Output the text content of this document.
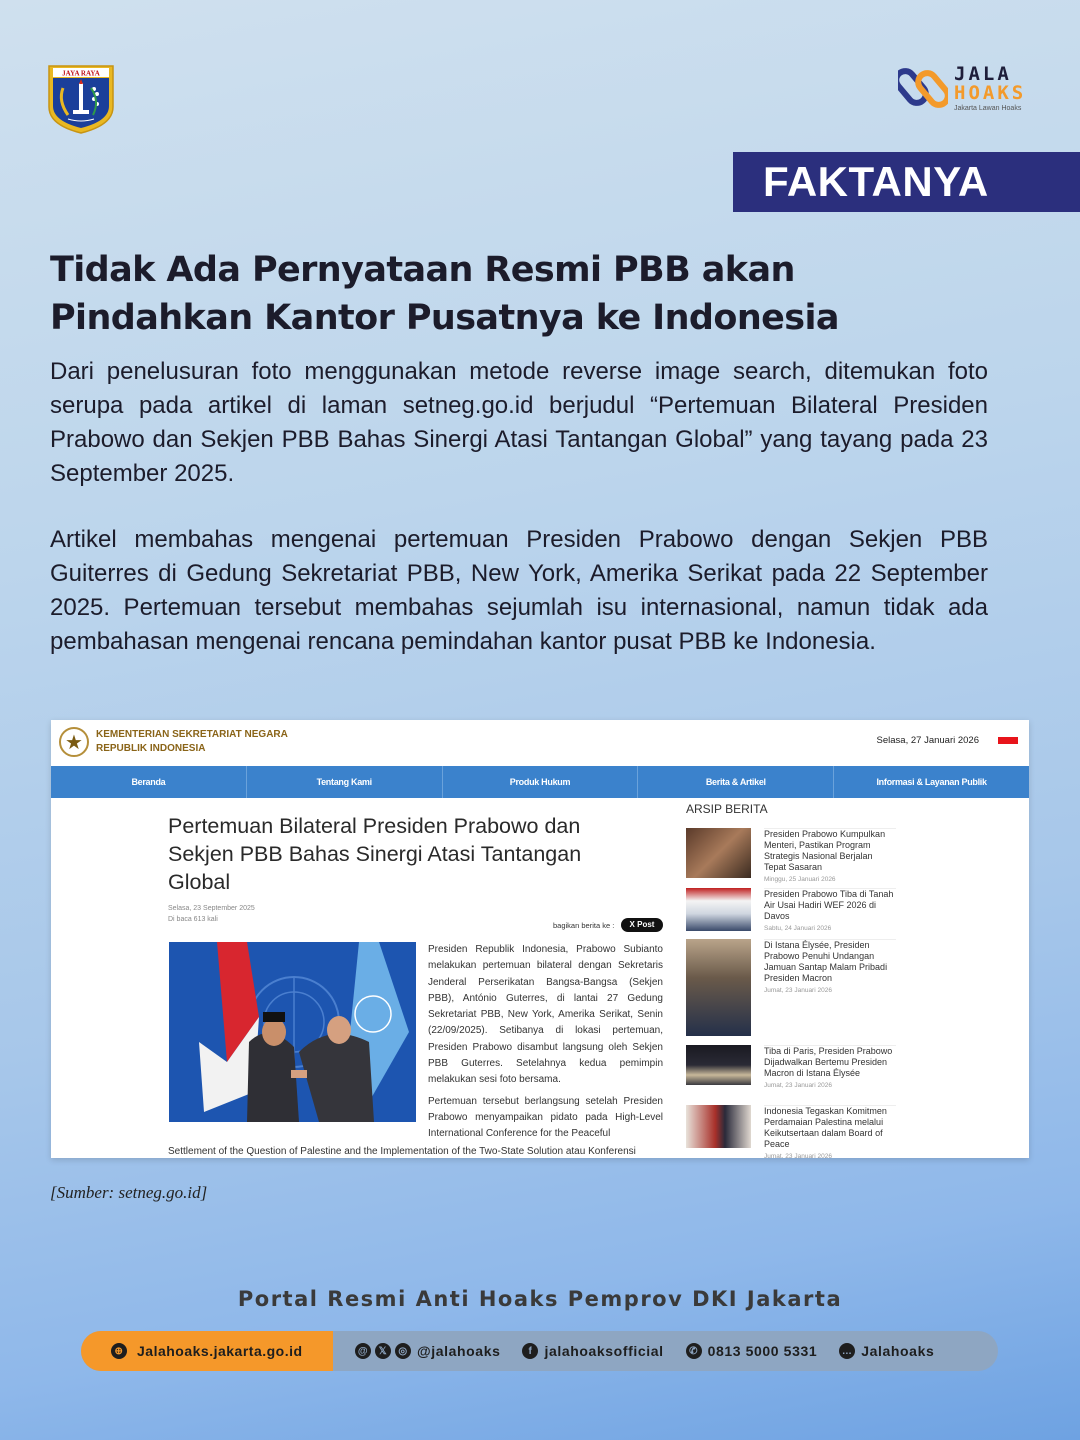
JAYA RAYA	JALA
HOAKS
Jakarta Lawan Hoaks
FAKTANYA
Tidak Ada Pernyataan Resmi PBB akan Pindahkan Kantor Pusatnya ke Indonesia
Dari penelusuran foto menggunakan metode reverse image search, ditemukan foto serupa pada artikel di laman setneg.go.id berjudul “Pertemuan Bilateral Presiden Prabowo dan Sekjen PBB Bahas Sinergi Atasi Tantangan Global” yang tayang pada 23 September 2025.
Artikel membahas mengenai pertemuan Presiden Prabowo dengan Sekjen PBB Guiterres di Gedung Sekretariat PBB, New York, Amerika Serikat pada 22 September 2025. Pertemuan tersebut membahas sejumlah isu internasional, namun tidak ada pembahasan mengenai rencana pemindahan kantor pusat PBB ke Indonesia.
★	KEMENTERIAN SEKRETARIAT NEGARA
REPUBLIK INDONESIA
Selasa, 27 Januari 2026
Beranda	Tentang Kami	Produk Hukum	Berita & Artikel	Informasi & Layanan Publik
Pertemuan Bilateral Presiden Prabowo dan Sekjen PBB Bahas Sinergi Atasi Tantangan Global
Selasa, 23 September 2025
Di baca 613 kali
bagikan berita ke :	X Post

Presiden Republik Indonesia, Prabowo Subianto melakukan pertemuan bilateral dengan Sekretaris Jenderal Perserikatan Bangsa-Bangsa (Sekjen PBB), António Guterres, di lantai 27 Gedung Sekretariat PBB, New York, Amerika Serikat, Senin (22/09/2025). Setibanya di lokasi pertemuan, Presiden Prabowo disambut langsung oleh Sekjen PBB Guterres. Setelahnya kedua pemimpin melakukan sesi foto bersama.

Pertemuan tersebut berlangsung setelah Presiden Prabowo menyampaikan pidato pada High-Level International Conference for the Peaceful

Settlement of the Question of Palestine and the Implementation of the Two-State Solution atau Konferensi
ARSIP BERITA
Presiden Prabowo Kumpulkan Menteri, Pastikan Program Strategis Nasional Berjalan Tepat Sasaran
Minggu, 25 Januari 2026
Presiden Prabowo Tiba di Tanah Air Usai Hadiri WEF 2026 di Davos
Sabtu, 24 Januari 2026
Di Istana Élysée, Presiden Prabowo Penuhi Undangan Jamuan Santap Malam Pribadi Presiden Macron
Jumat, 23 Januari 2026
Tiba di Paris, Presiden Prabowo Dijadwalkan Bertemu Presiden Macron di Istana Élysée
Jumat, 23 Januari 2026
Indonesia Tegaskan Komitmen Perdamaian Palestina melalui Keikutsertaan dalam Board of Peace
Jumat, 23 Januari 2026
[Sumber: setneg.go.id]
Portal Resmi Anti Hoaks Pemprov DKI Jakarta
⊕ Jalahoaks.jakarta.go.id	@	𝕏	◎ @jalahoaks	f jalahoaksofficial	✆ 0813 5000 5331 … Jalahoaks
